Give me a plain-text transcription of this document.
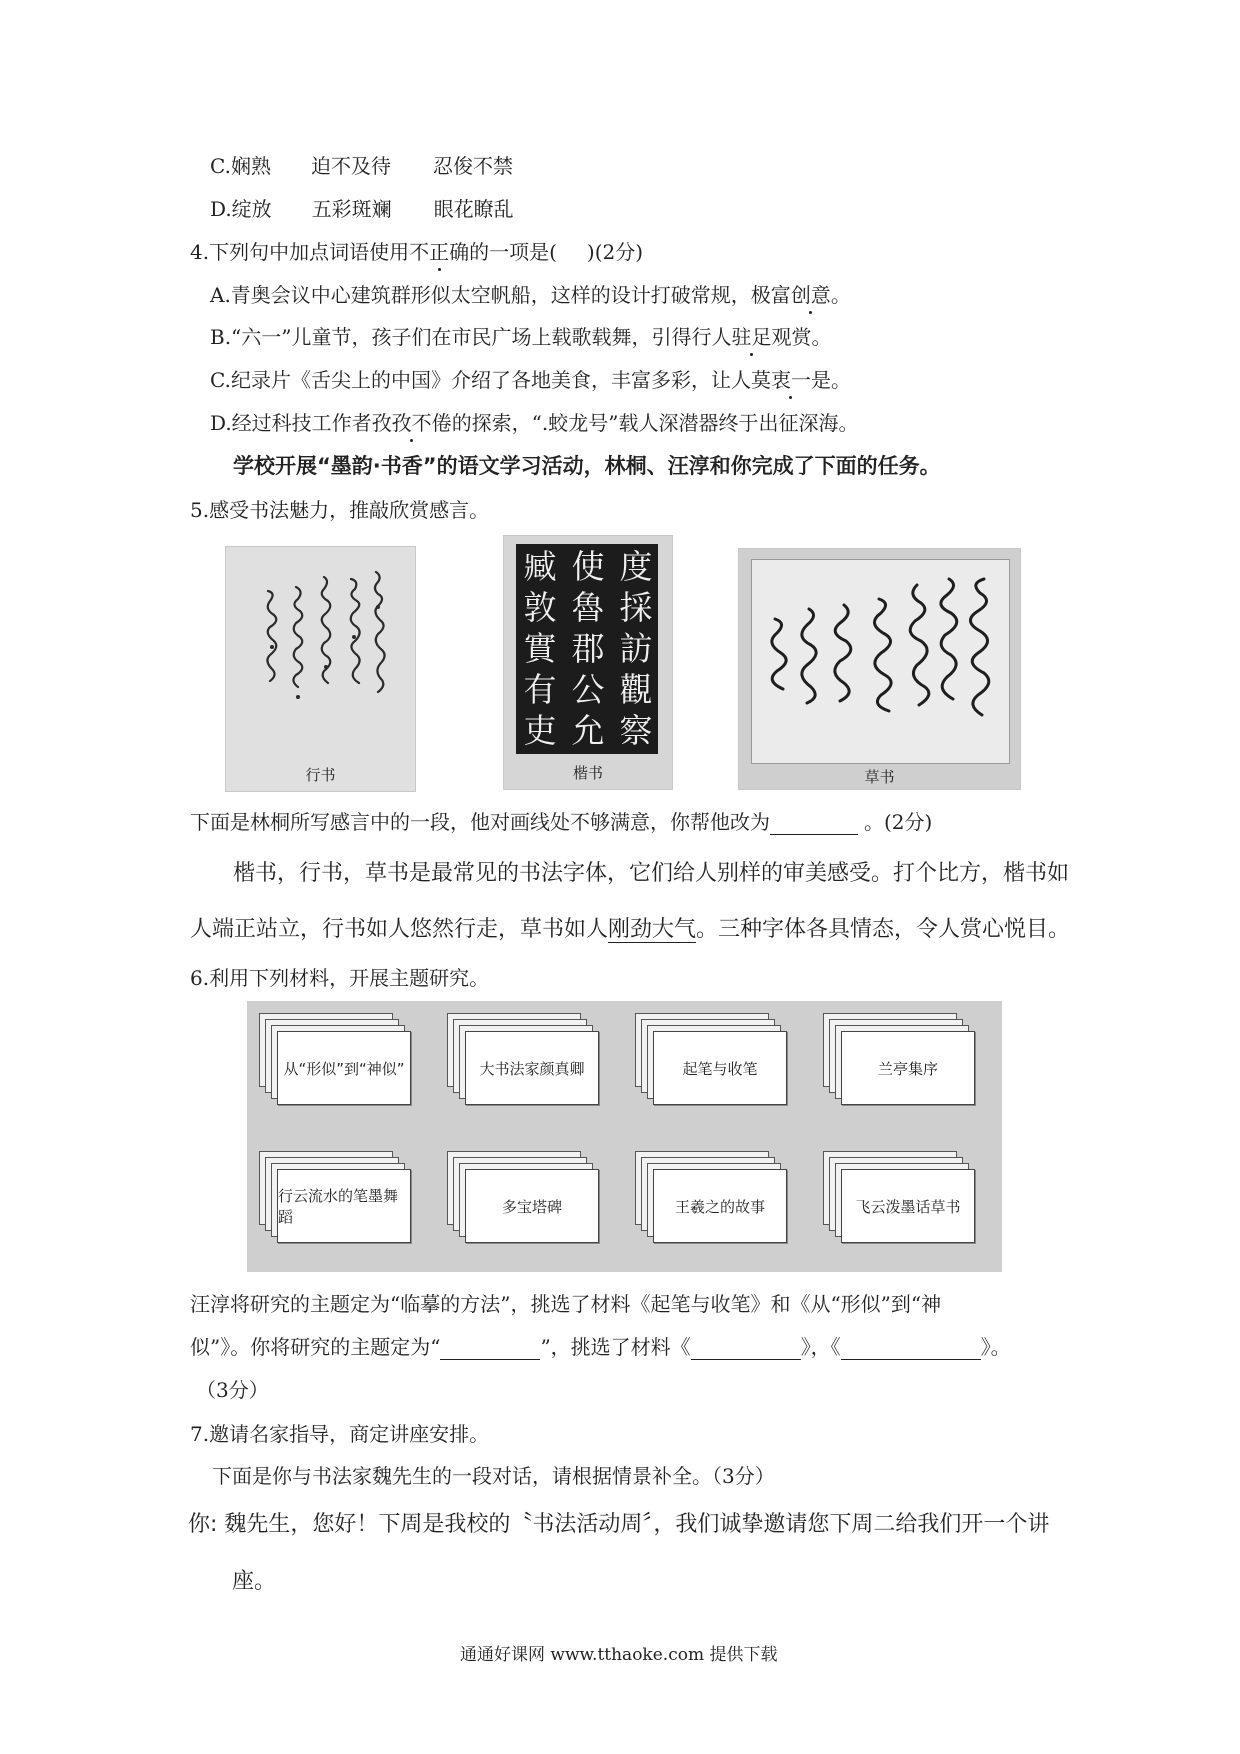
C.娴熟 迫不及待 忍俊不禁
D.绽放 五彩斑斓 眼花瞭乱
4.下列句中加点词语使用不正确的一项是( )(2分)
A.青奥会议中心建筑群形似太空帆船，这样的设计打破常规，极富创意。
B.“六一”儿童节，孩子们在市民广场上载歌载舞，引得行人驻足观赏。
C.纪录片《舌尖上的中国》介绍了各地美食，丰富多彩，让人莫衷一是。
D.经过科技工作者孜孜不倦的探索，“.蛟龙号”载人深潜器终于出征深海。
学校开展“墨韵·书香”的语文学习活动，林桐、汪淳和你完成了下面的任务。
5.感受书法魅力，推敲欣赏感言。
行书
度
採
訪
觀
察
使
魯
郡
公
允
臧
敦
實
有
吏
楷书	草书
下面是林桐所写感言中的一段，他对画线处不够满意，你帮他改为	。(2分)
楷书，行书，草书是最常见的书法字体，它们给人别样的审美感受。打个比方，楷书如
人端正站立，行书如人悠然行走，草书如人刚劲大气。三种字体各具情态，令人赏心悦目。
6.利用下列材料，开展主题研究。
从“形似”到“神似”	大书法家颜真卿	起笔与收笔	兰亭集序
行云流水的笔墨舞蹈
多宝塔碑	王羲之的故事	飞云泼墨话草书
汪淳将研究的主题定为“临摹的方法”，挑选了材料《起笔与收笔》和《从“形似”到“神
似”》。你将研究的主题定为“	”，挑选了材料《	》，《	》。
（3分）
7.邀请名家指导，商定讲座安排。
下面是你与书法家魏先生的一段对话，请根据情景补全。（3分）
你: 魏先生，您好！下周是我校的〝书法活动周〞，我们诚挚邀请您下周二给我们开一个讲
座。
通通好课网 www.tthaoke.com 提供下载
